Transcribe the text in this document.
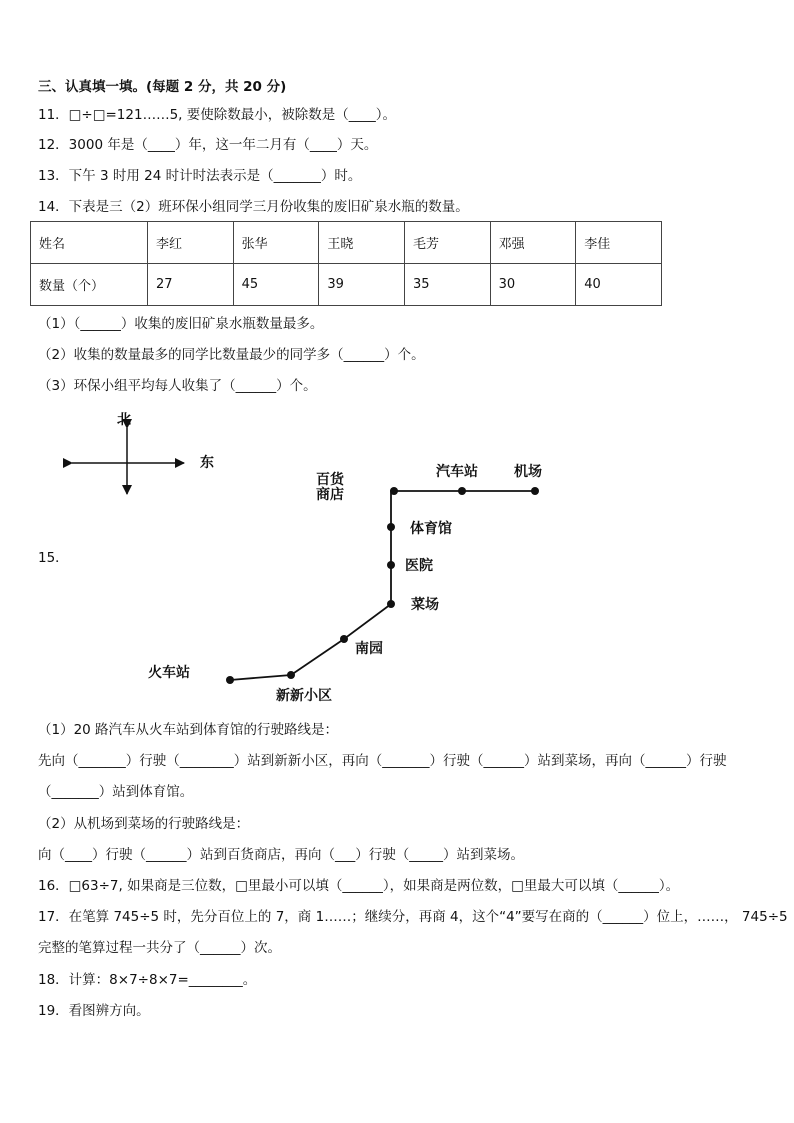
三、认真填一填。(每题 2 分，共 20 分)
11．□÷□=121……5, 要使除数最小，被除数是（____）。
12．3000 年是（____）年，这一年二月有（____）天。
13．下午 3 时用 24 时计时法表示是（_______）时。
14．下表是三（2）班环保小组同学三月份收集的废旧矿泉水瓶的数量。
姓名	李红	张华	王晓	毛芳	邓强	李佳
数量（个）	27	45	39	35	30	40
（1）（______）收集的废旧矿泉水瓶数量最多。
（2）收集的数量最多的同学比数量最少的同学多（______）个。
（3）环保小组平均每人收集了（______）个。
15．
北
东
百货
商店
汽车站	机场
体育馆
医院
菜场
南园
火车站
新新小区
（1）20 路汽车从火车站到体育馆的行驶路线是：
先向（_______）行驶（________）站到新新小区，再向（_______）行驶（______）站到菜场，再向（______）行驶
（_______）站到体育馆。
（2）从机场到菜场的行驶路线是：
向（____）行驶（______）站到百货商店，再向（___）行驶（_____）站到菜场。
16．□63÷7, 如果商是三位数，□里最小可以填（______），如果商是两位数，□里最大可以填（______）。
17．在笔算 745÷5 时，先分百位上的 7，商 1……；继续分，再商 4，这个“4”要写在商的（______）位上，……， 745÷5
完整的笔算过程一共分了（______）次。
18．计算：8×7÷8×7=________。
19．看图辨方向。
